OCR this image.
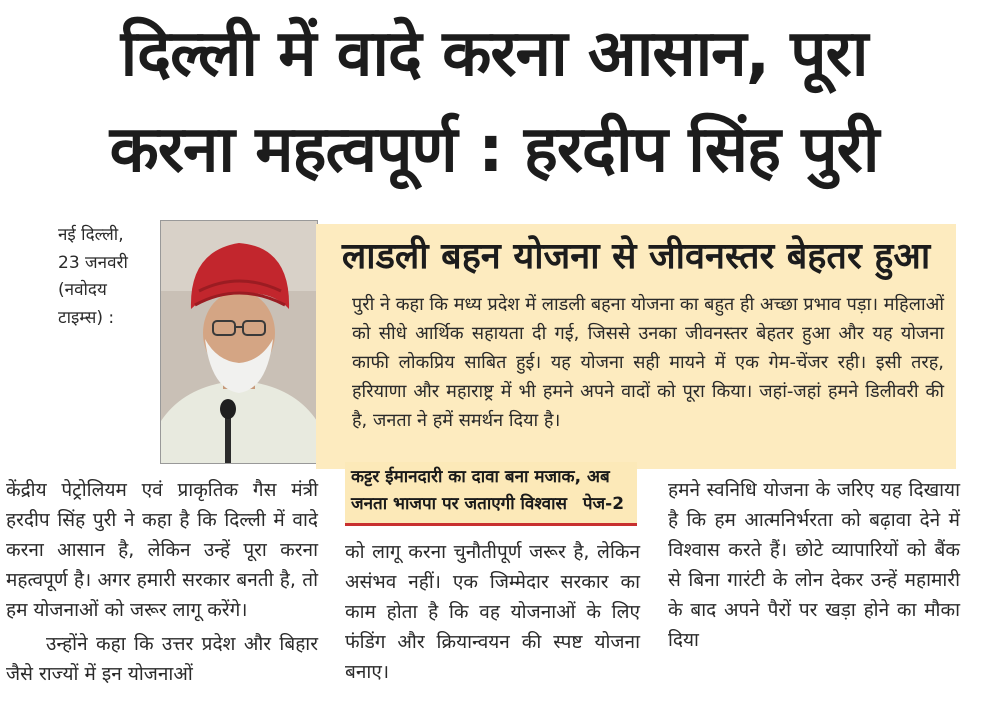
दिल्ली में वादे करना आसान, पूरा
करना महत्वपूर्ण : हरदीप सिंह पुरी
नई दिल्ली,
23 जनवरी
(नवोदय
टाइम्स) :
लाडली बहन योजना से जीवनस्तर बेहतर हुआ
पुरी ने कहा कि मध्य प्रदेश में लाडली बहना योजना का बहुत ही अच्छा प्रभाव पड़ा। महिलाओं को सीधे आर्थिक सहायता दी गई, जिससे उनका जीवनस्तर बेहतर हुआ और यह योजना काफी लोकप्रिय साबित हुई। यह योजना सही मायने में एक गेम-चेंजर रही। इसी तरह, हरियाणा और महाराष्ट्र में भी हमने अपने वादों को पूरा किया। जहां-जहां हमने डिलीवरी की है, जनता ने हमें समर्थन दिया है।

केंद्रीय पेट्रोलियम एवं प्राकृतिक गैस मंत्री हरदीप सिंह पुरी ने कहा है कि दिल्ली में वादे करना आसान है, लेकिन उन्हें पूरा करना महत्वपूर्ण है। अगर हमारी सरकार बनती है, तो हम योजनाओं को जरूर लागू करेंगे।

उन्होंने कहा कि उत्तर प्रदेश और बिहार जैसे राज्यों में इन योजनाओं

कट्टर ईमानदारी का दावा बना मजाक, अब जनता भाजपा पर जताएगी विश्वास पेज-2
को लागू करना चुनौतीपूर्ण जरूर है, लेकिन असंभव नहीं। एक जिम्मेदार सरकार का काम होता है कि वह योजनाओं के लिए फंडिंग और क्रियान्वयन की स्पष्ट योजना बनाए।
हमने स्वनिधि योजना के जरिए यह दिखाया है कि हम आत्मनिर्भरता को बढ़ावा देने में विश्वास करते हैं। छोटे व्यापारियों को बैंक से बिना गारंटी के लोन देकर उन्हें महामारी के बाद अपने पैरों पर खड़ा होने का मौका दिया
